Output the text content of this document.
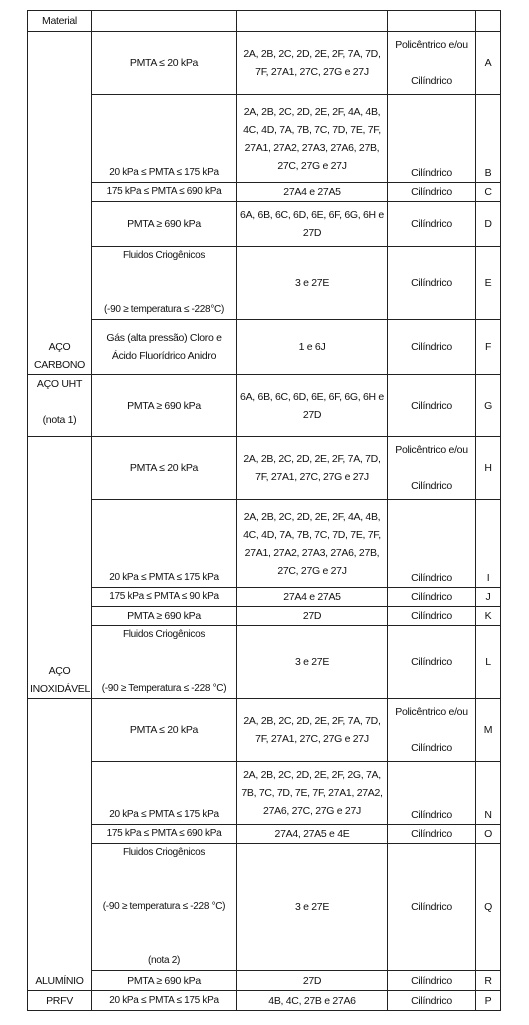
Material				
AÇO
CARBONO	PMTA ≤ 20 kPa	2A, 2B, 2C, 2D, 2E, 2F, 7A, 7D,
7F, 27A1, 27C, 27G e 27J	Policêntrico e/ou

Cilíndrico	A
	20 kPa ≤ PMTA ≤ 175 kPa	2A, 2B, 2C, 2D, 2E, 2F, 4A, 4B,
4C, 4D, 7A, 7B, 7C, 7D, 7E, 7F,
27A1, 27A2, 27A3, 27A6, 27B,
27C, 27G e 27J	Cilíndrico	B
	175 kPa ≤ PMTA ≤ 690 kPa	27A4 e 27A5	Cilíndrico	C
	PMTA ≥ 690 kPa	6A, 6B, 6C, 6D, 6E, 6F, 6G, 6H e
27D	Cilíndrico	D
	Fluidos Criogênicos

(-90 ≥ temperatura ≤ -228°C)	3 e 27E	Cilíndrico	E
	Gás (alta pressão) Cloro e
Ácido Fluorídrico Anidro	1 e 6J	Cilíndrico	F
AÇO UHT

(nota 1)	PMTA ≥ 690 kPa	6A, 6B, 6C, 6D, 6E, 6F, 6G, 6H e
27D	Cilíndrico	G
AÇO
INOXIDÁVEL	PMTA ≤ 20 kPa	2A, 2B, 2C, 2D, 2E, 2F, 7A, 7D,
7F, 27A1, 27C, 27G e 27J	Policêntrico e/ou

Cilíndrico	H
	20 kPa ≤ PMTA ≤ 175 kPa	2A, 2B, 2C, 2D, 2E, 2F, 4A, 4B,
4C, 4D, 7A, 7B, 7C, 7D, 7E, 7F,
27A1, 27A2, 27A3, 27A6, 27B,
27C, 27G e 27J	Cilíndrico	I
	175 kPa ≤ PMTA ≤ 90 kPa	27A4 e 27A5	Cilíndrico	J
	PMTA ≥ 690 kPa	27D	Cilíndrico	K
	Fluidos Criogênicos

(-90 ≥ Temperatura ≤ -228 °C)	3 e 27E	Cilíndrico	L
ALUMÍNIO	PMTA ≤ 20 kPa	2A, 2B, 2C, 2D, 2E, 2F, 7A, 7D,
7F, 27A1, 27C, 27G e 27J	Policêntrico e/ou

Cilíndrico	M
	20 kPa ≤ PMTA ≤ 175 kPa	2A, 2B, 2C, 2D, 2E, 2F, 2G, 7A,
7B, 7C, 7D, 7E, 7F, 27A1, 27A2,
27A6, 27C, 27G e 27J	Cilíndrico	N
	175 kPa ≤ PMTA ≤ 690 kPa	27A4, 27A5 e 4E	Cilíndrico	O
	Fluidos Criogênicos

(-90 ≥ temperatura ≤ -228 °C)

(nota 2)	3 e 27E	Cilíndrico	Q
	PMTA ≥ 690 kPa	27D	Cilíndrico	R
PRFV	20 kPa ≤ PMTA ≤ 175 kPa	4B, 4C, 27B e 27A6	Cilíndrico	P
